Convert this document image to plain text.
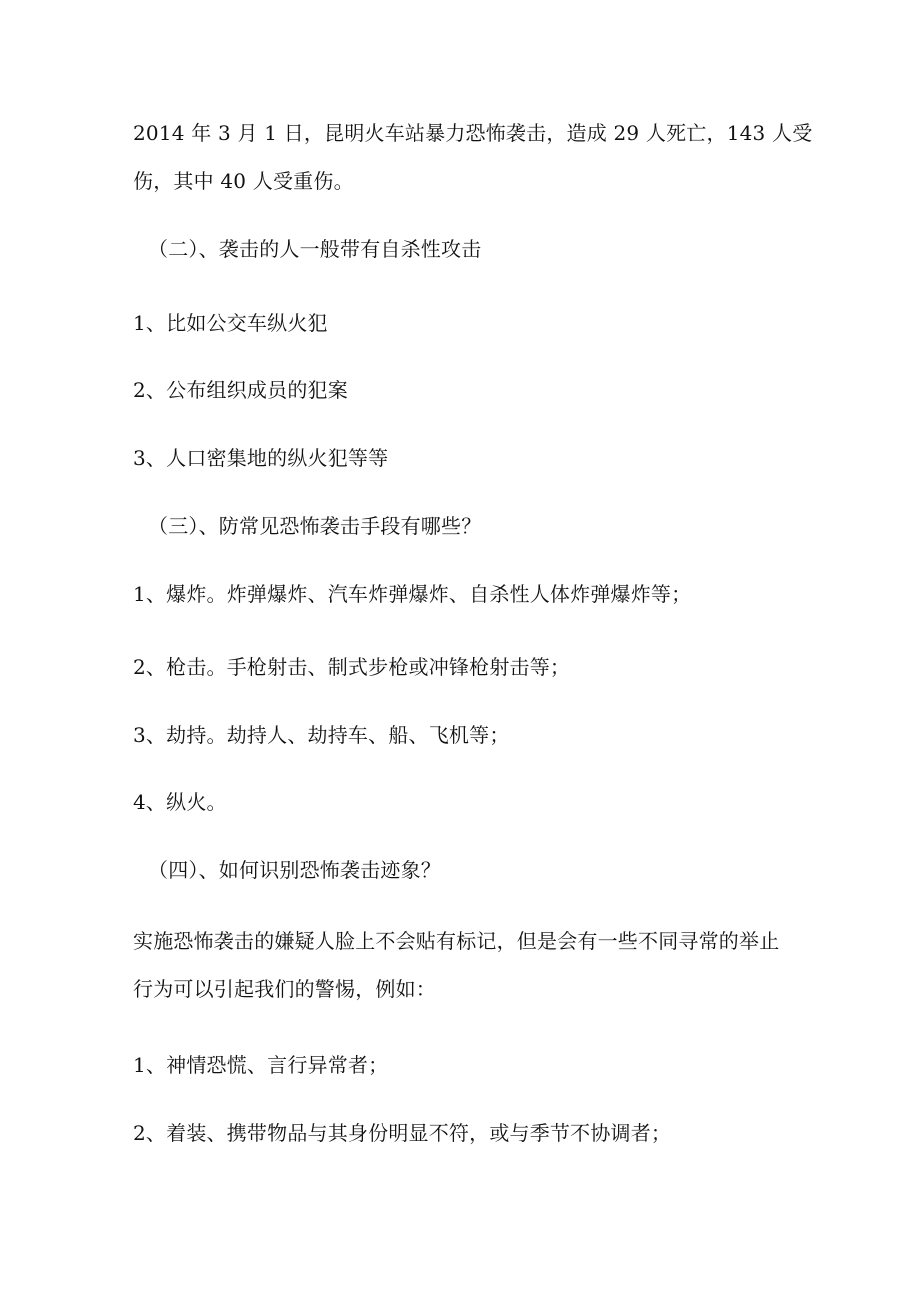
2014 年 3 月 1 日，昆明火车站暴力恐怖袭击，造成 29 人死亡，143 人受
伤，其中 40 人受重伤。
（二）、袭击的人一般带有自杀性攻击
1、比如公交车纵火犯
2、公布组织成员的犯案
3、人口密集地的纵火犯等等
（三）、防常见恐怖袭击手段有哪些？
1、爆炸。炸弹爆炸、汽车炸弹爆炸、自杀性人体炸弹爆炸等；
2、枪击。手枪射击、制式步枪或冲锋枪射击等；
3、劫持。劫持人、劫持车、船、飞机等；
4、纵火。
（四）、如何识别恐怖袭击迹象？
实施恐怖袭击的嫌疑人脸上不会贴有标记，但是会有一些不同寻常的举止
行为可以引起我们的警惕，例如：
1、神情恐慌、言行异常者；
2、着装、携带物品与其身份明显不符，或与季节不协调者；
